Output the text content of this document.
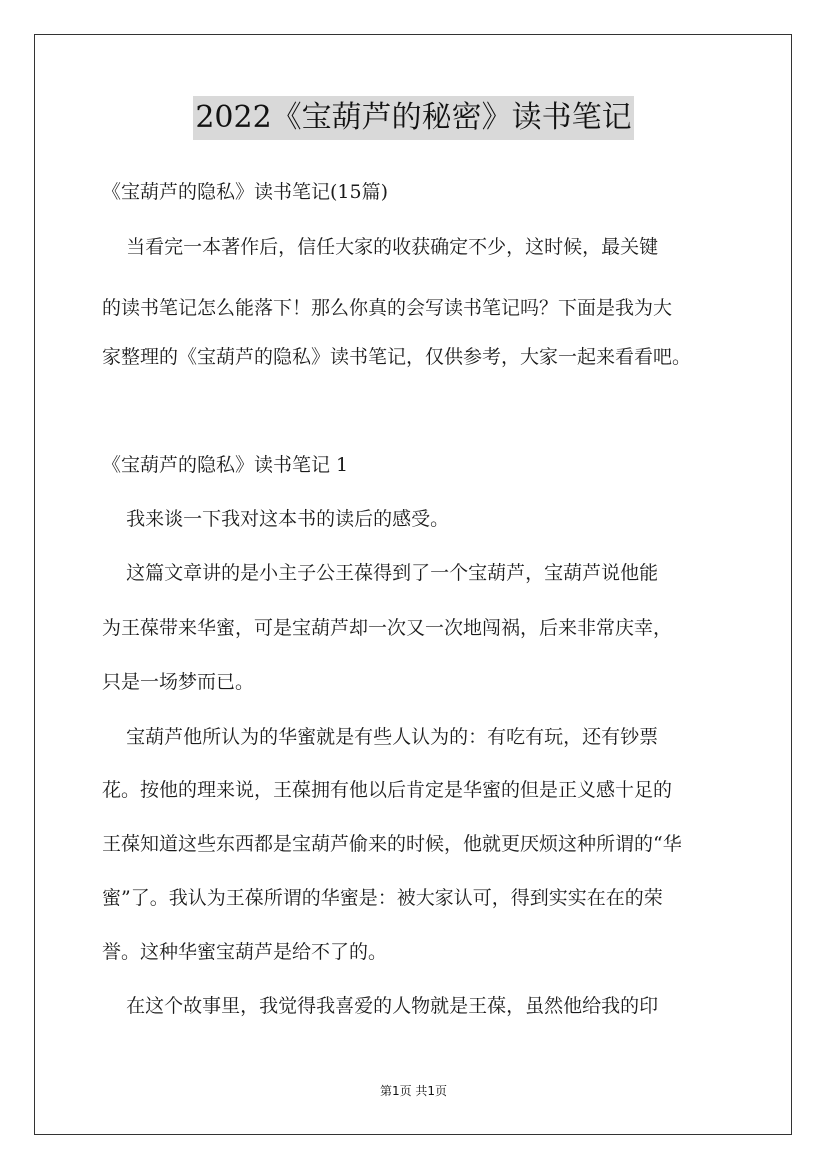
2022《宝葫芦的秘密》读书笔记
《宝葫芦的隐私》读书笔记(15篇)
当看完一本著作后，信任大家的收获确定不少，这时候，最关键
的读书笔记怎么能落下！那么你真的会写读书笔记吗？下面是我为大
家整理的《宝葫芦的隐私》读书笔记，仅供参考，大家一起来看看吧。
《宝葫芦的隐私》读书笔记 1
我来谈一下我对这本书的读后的感受。
这篇文章讲的是小主子公王葆得到了一个宝葫芦，宝葫芦说他能
为王葆带来华蜜，可是宝葫芦却一次又一次地闯祸，后来非常庆幸，
只是一场梦而已。
宝葫芦他所认为的华蜜就是有些人认为的：有吃有玩，还有钞票
花。按他的理来说，王葆拥有他以后肯定是华蜜的但是正义感十足的
王葆知道这些东西都是宝葫芦偷来的时候，他就更厌烦这种所谓的“华
蜜”了。我认为王葆所谓的华蜜是：被大家认可，得到实实在在的荣
誉。这种华蜜宝葫芦是给不了的。
在这个故事里，我觉得我喜爱的人物就是王葆，虽然他给我的印
第1页 共1页
